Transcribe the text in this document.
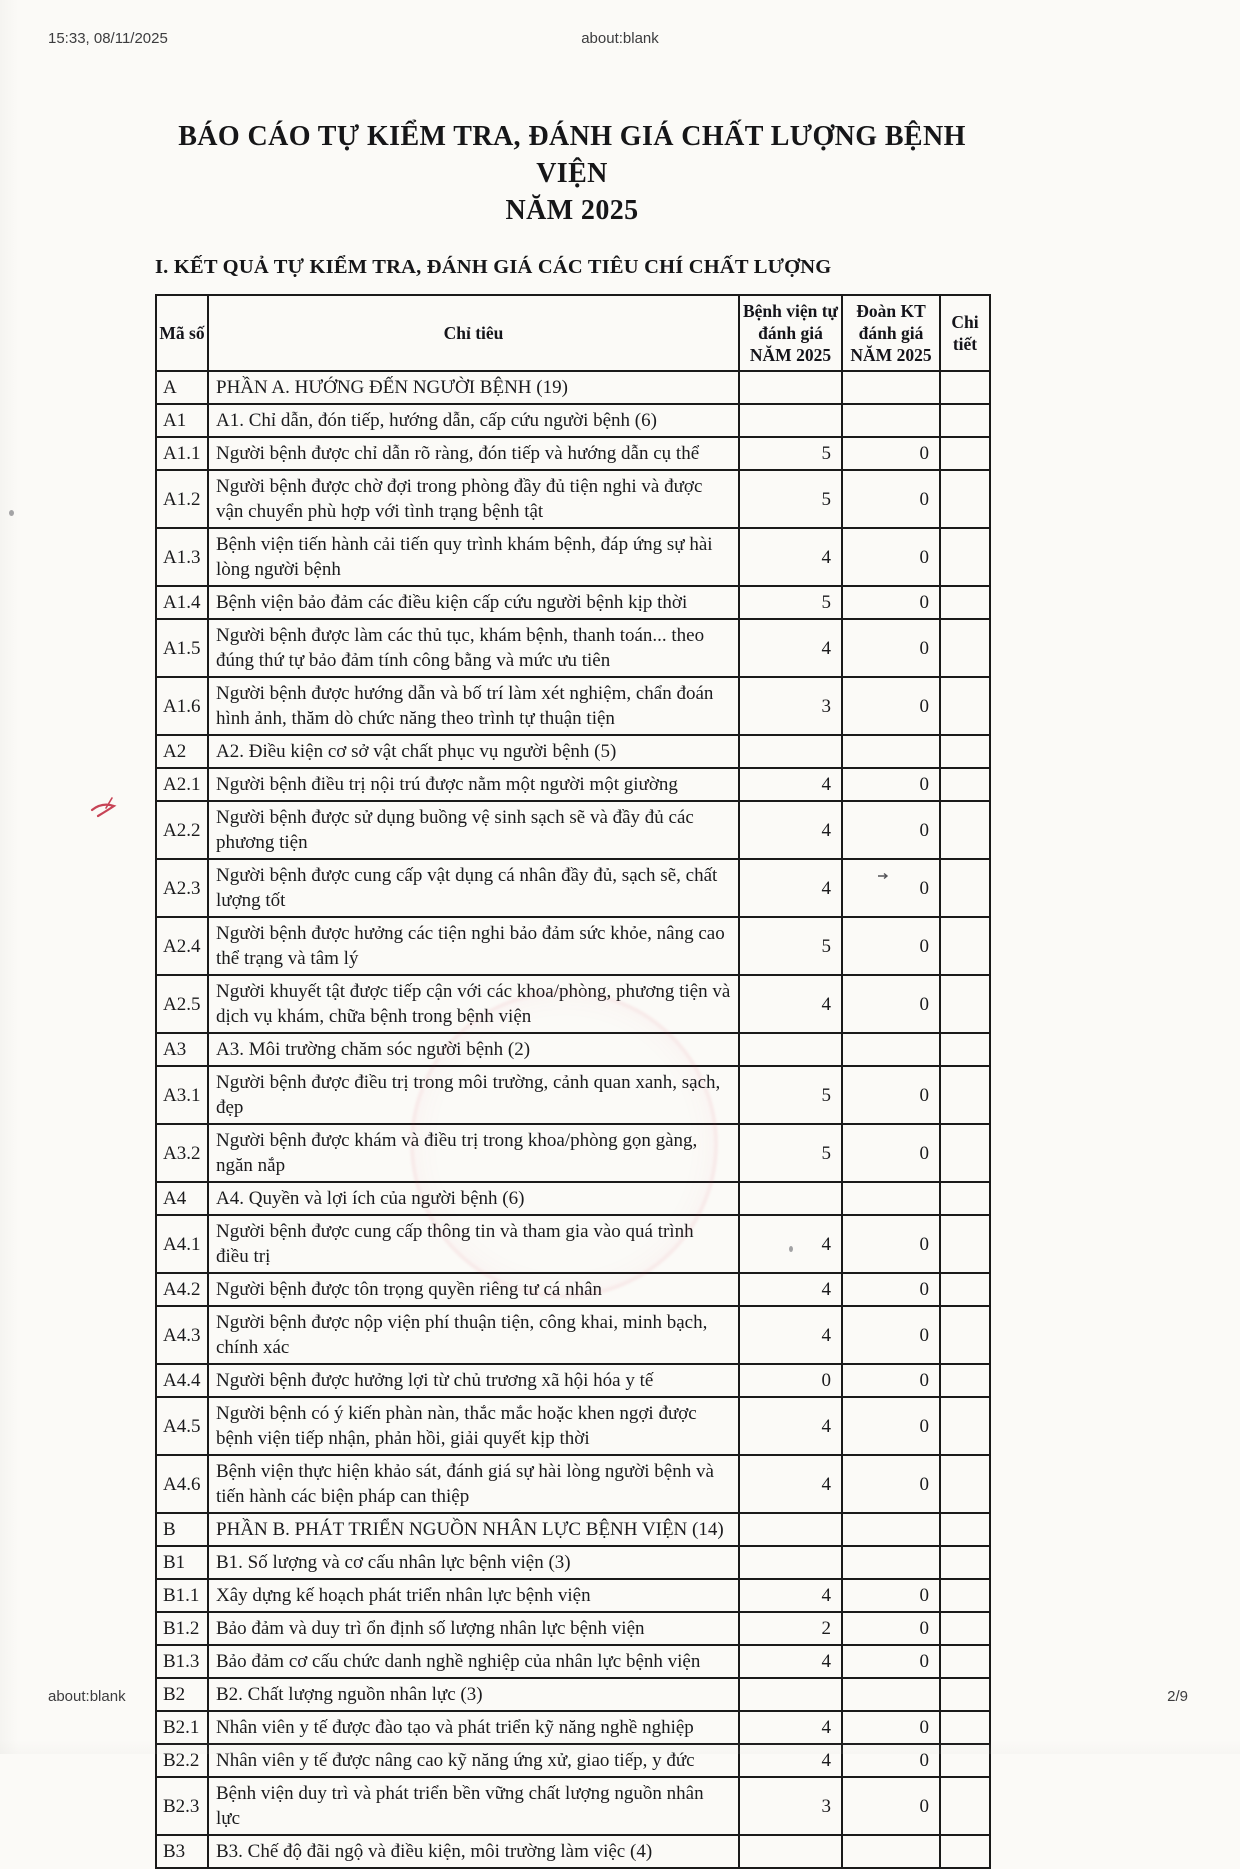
15:33, 08/11/2025	about:blank
BÁO CÁO TỰ KIỂM TRA, ĐÁNH GIÁ CHẤT LƯỢNG BỆNH VIỆN
NĂM 2025
I. KẾT QUẢ TỰ KIỂM TRA, ĐÁNH GIÁ CÁC TIÊU CHÍ CHẤT LƯỢNG
Mã số	Chỉ tiêu	Bệnh viện tự đánh giá NĂM 2025	Đoàn KT đánh giá NĂM 2025	Chi tiết
A	PHẦN A. HƯỚNG ĐẾN NGƯỜI BỆNH (19)			
A1	A1. Chỉ dẫn, đón tiếp, hướng dẫn, cấp cứu người bệnh (6)			
A1.1	Người bệnh được chỉ dẫn rõ ràng, đón tiếp và hướng dẫn cụ thể	5	0	
A1.2	Người bệnh được chờ đợi trong phòng đầy đủ tiện nghi và được vận chuyển phù hợp với tình trạng bệnh tật	5	0	
A1.3	Bệnh viện tiến hành cải tiến quy trình khám bệnh, đáp ứng sự hài lòng người bệnh	4	0	
A1.4	Bệnh viện bảo đảm các điều kiện cấp cứu người bệnh kịp thời	5	0	
A1.5	Người bệnh được làm các thủ tục, khám bệnh, thanh toán... theo đúng thứ tự bảo đảm tính công bằng và mức ưu tiên	4	0	
A1.6	Người bệnh được hướng dẫn và bố trí làm xét nghiệm, chẩn đoán hình ảnh, thăm dò chức năng theo trình tự thuận tiện	3	0	
A2	A2. Điều kiện cơ sở vật chất phục vụ người bệnh (5)			
A2.1	Người bệnh điều trị nội trú được nằm một người một giường	4	0	
A2.2	Người bệnh được sử dụng buồng vệ sinh sạch sẽ và đầy đủ các phương tiện	4	0	
A2.3	Người bệnh được cung cấp vật dụng cá nhân đầy đủ, sạch sẽ, chất lượng tốt	4	0	
A2.4	Người bệnh được hưởng các tiện nghi bảo đảm sức khỏe, nâng cao thể trạng và tâm lý	5	0	
A2.5	Người khuyết tật được tiếp cận với các khoa/phòng, phương tiện và dịch vụ khám, chữa bệnh trong bệnh viện	4	0	
A3	A3. Môi trường chăm sóc người bệnh (2)			
A3.1	Người bệnh được điều trị trong môi trường, cảnh quan xanh, sạch, đẹp	5	0	
A3.2	Người bệnh được khám và điều trị trong khoa/phòng gọn gàng, ngăn nắp	5	0	
A4	A4. Quyền và lợi ích của người bệnh (6)			
A4.1	Người bệnh được cung cấp thông tin và tham gia vào quá trình điều trị	4	0	
A4.2	Người bệnh được tôn trọng quyền riêng tư cá nhân	4	0	
A4.3	Người bệnh được nộp viện phí thuận tiện, công khai, minh bạch, chính xác	4	0	
A4.4	Người bệnh được hưởng lợi từ chủ trương xã hội hóa y tế	0	0	
A4.5	Người bệnh có ý kiến phàn nàn, thắc mắc hoặc khen ngợi được bệnh viện tiếp nhận, phản hồi, giải quyết kịp thời	4	0	
A4.6	Bệnh viện thực hiện khảo sát, đánh giá sự hài lòng người bệnh và tiến hành các biện pháp can thiệp	4	0	
B	PHẦN B. PHÁT TRIỂN NGUỒN NHÂN LỰC BỆNH VIỆN (14)			
B1	B1. Số lượng và cơ cấu nhân lực bệnh viện (3)			
B1.1	Xây dựng kế hoạch phát triển nhân lực bệnh viện	4	0	
B1.2	Bảo đảm và duy trì ổn định số lượng nhân lực bệnh viện	2	0	
B1.3	Bảo đảm cơ cấu chức danh nghề nghiệp của nhân lực bệnh viện	4	0	
B2	B2. Chất lượng nguồn nhân lực (3)			
B2.1	Nhân viên y tế được đào tạo và phát triển kỹ năng nghề nghiệp	4	0	
B2.2	Nhân viên y tế được nâng cao kỹ năng ứng xử, giao tiếp, y đức	4	0	
B2.3	Bệnh viện duy trì và phát triển bền vững chất lượng nguồn nhân lực	3	0	
B3	B3. Chế độ đãi ngộ và điều kiện, môi trường làm việc (4)			
about:blank	2/9
